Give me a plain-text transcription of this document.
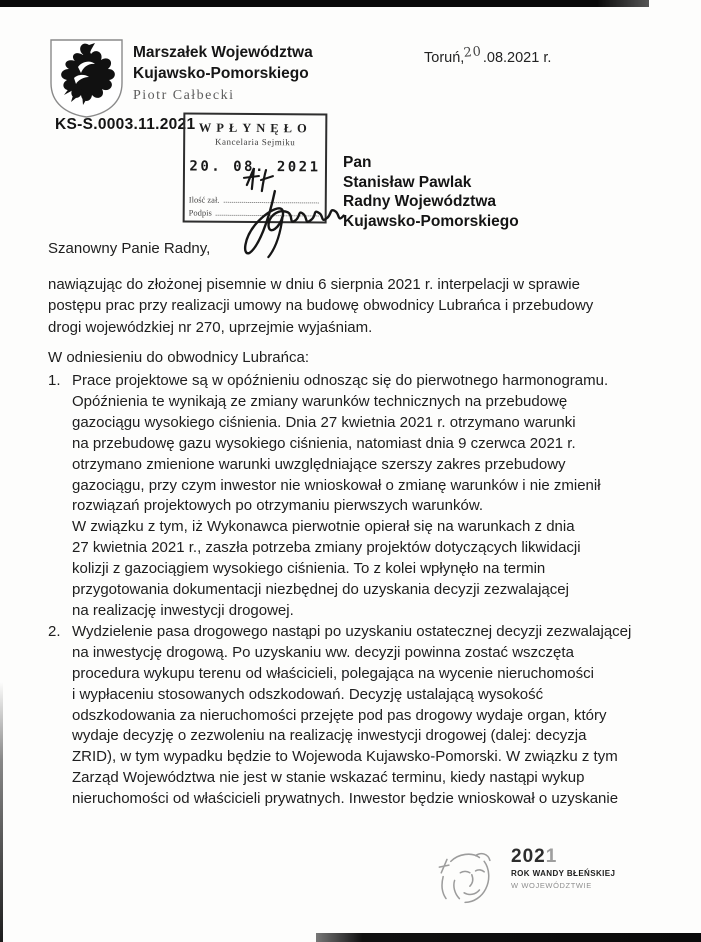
Marszałek Województwa
Kujawsko-Pomorskiego
Piotr Całbecki
Toruń,20.08.2021 r.
KS-S.0003.11.2021 WPŁYNĘŁO
Kancelaria Sejmiku
20. 08. 2021
Ilość zał.
Podpis
Pan
Stanisław Pawlak
Radny Województwa
Kujawsko-Pomorskiego
Szanowny Panie Radny,
nawiązując do złożonej pisemnie w dniu 6 sierpnia 2021 r. interpelacji w sprawie
postępu prac przy realizacji umowy na budowę obwodnicy Lubrańca i przebudowy
drogi wojewódzkiej nr 270, uprzejmie wyjaśniam.
W odniesieniu do obwodnicy Lubrańca:
1. Prace projektowe są w opóźnieniu odnosząc się do pierwotnego harmonogramu.
Opóźnienia te wynikają ze zmiany warunków technicznych na przebudowę
gazociągu wysokiego ciśnienia. Dnia 27 kwietnia 2021 r. otrzymano warunki
na przebudowę gazu wysokiego ciśnienia, natomiast dnia 9 czerwca 2021 r.
otrzymano zmienione warunki uwzględniające szerszy zakres przebudowy
gazociągu, przy czym inwestor nie wnioskował o zmianę warunków i nie zmienił
rozwiązań projektowych po otrzymaniu pierwszych warunków.
W związku z tym, iż Wykonawca pierwotnie opierał się na warunkach z dnia
27 kwietnia 2021 r., zaszła potrzeba zmiany projektów dotyczących likwidacji
kolizji z gazociągiem wysokiego ciśnienia. To z kolei wpłynęło na termin
przygotowania dokumentacji niezbędnej do uzyskania decyzji zezwalającej
na realizację inwestycji drogowej.
2. Wydzielenie pasa drogowego nastąpi po uzyskaniu ostatecznej decyzji zezwalającej
na inwestycję drogową. Po uzyskaniu ww. decyzji powinna zostać wszczęta
procedura wykupu terenu od właścicieli, polegająca na wycenie nieruchomości
i wypłaceniu stosowanych odszkodowań. Decyzję ustalającą wysokość
odszkodowania za nieruchomości przejęte pod pas drogowy wydaje organ, który
wydaje decyzję o zezwoleniu na realizację inwestycji drogowej (dalej: decyzja
ZRID), w tym wypadku będzie to Wojewoda Kujawsko-Pomorski. W związku z tym
Zarząd Województwa nie jest w stanie wskazać terminu, kiedy nastąpi wykup
nieruchomości od właścicieli prywatnych. Inwestor będzie wnioskował o uzyskanie
2021
ROK WANDY BŁEŃSKIEJ
W WOJEWÓDZTWIE
